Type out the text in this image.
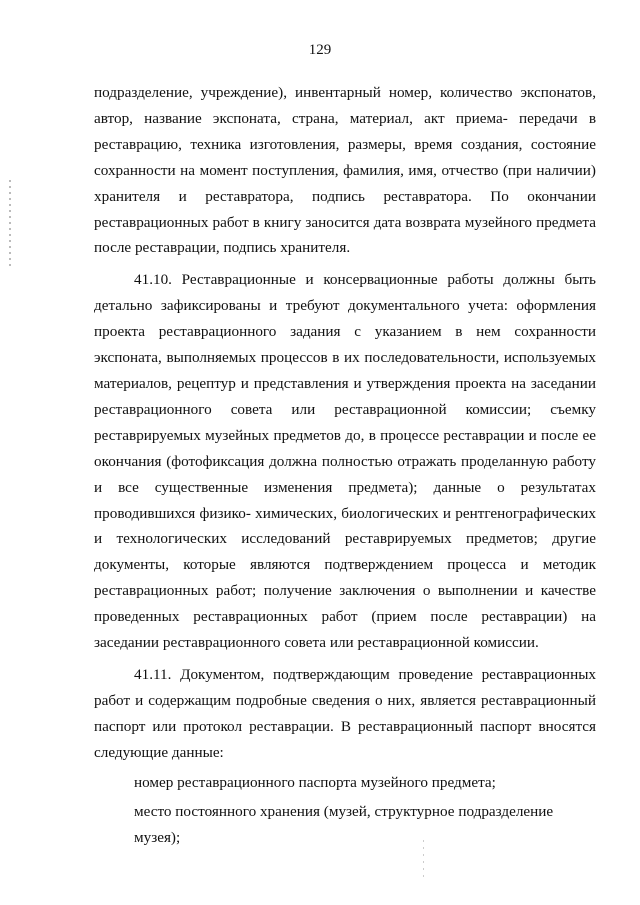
129

подразделение, учреждение), инвентарный номер, количество экспонатов, автор, название экспоната, страна, материал, акт приема- передачи в реставрацию, техника изготовления, размеры, время создания, состояние сохранности на момент поступления, фамилия, имя, отчество (при наличии) хранителя и реставратора, подпись реставратора. По окончании реставрационных работ в книгу заносится дата возврата музейного предмета после реставрации, подпись хранителя.

41.10. Реставрационные и консервационные работы должны быть детально зафиксированы и требуют документального учета: оформления проекта реставрационного задания с указанием в нем сохранности экспоната, выполняемых процессов в их последовательности, используемых материалов, рецептур и представления и утверждения проекта на заседании реставрационного совета или реставрационной комиссии; съемку реставрируемых музейных предметов до, в процессе реставрации и после ее окончания (фотофиксация должна полностью отражать проделанную работу и все существенные изменения предмета); данные о результатах проводившихся физико- химических, биологических и рентгенографических и технологических исследований реставрируемых предметов; другие документы, которые являются подтверждением процесса и методик реставрационных работ; получение заключения о выполнении и качестве проведенных реставрационных работ (прием после реставрации) на заседании реставрационного совета или реставрационной комиссии.

41.11. Документом, подтверждающим проведение реставрационных работ и содержащим подробные сведения о них, является реставрационный паспорт или протокол реставрации. В реставрационный паспорт вносятся следующие данные:

номер реставрационного паспорта музейного предмета;

место постоянного хранения (музей, структурное подразделение музея);
